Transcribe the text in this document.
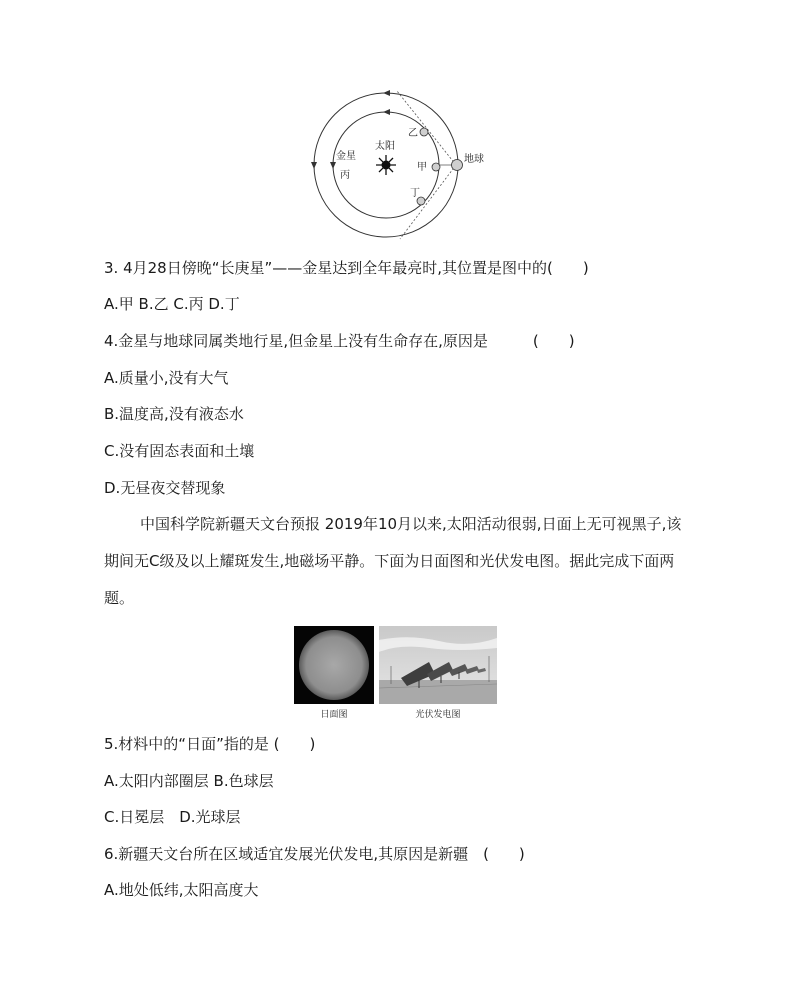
太阳
乙
甲
丁
地球
金星
丙
3. 4月28日傍晚“长庚星”——金星达到全年最亮时,其位置是图中的(　　)
A.甲 B.乙 C.丙 D.丁
4.金星与地球同属类地行星,但金星上没有生命存在,原因是　　　(　　)
A.质量小,没有大气
B.温度高,没有液态水
C.没有固态表面和土壤
D.无昼夜交替现象
中国科学院新疆天文台预报 2019年10月以来,太阳活动很弱,日面上无可视黑子,该期间无C级及以上耀斑发生,地磁场平静。下面为日面图和光伏发电图。据此完成下面两题。
日面图	光伏发电图
5.材料中的“日面”指的是 (　　)
A.太阳内部圈层 B.色球层
C.日冕层　D.光球层
6.新疆天文台所在区域适宜发展光伏发电,其原因是新疆　(　　)
A.地处低纬,太阳高度大
